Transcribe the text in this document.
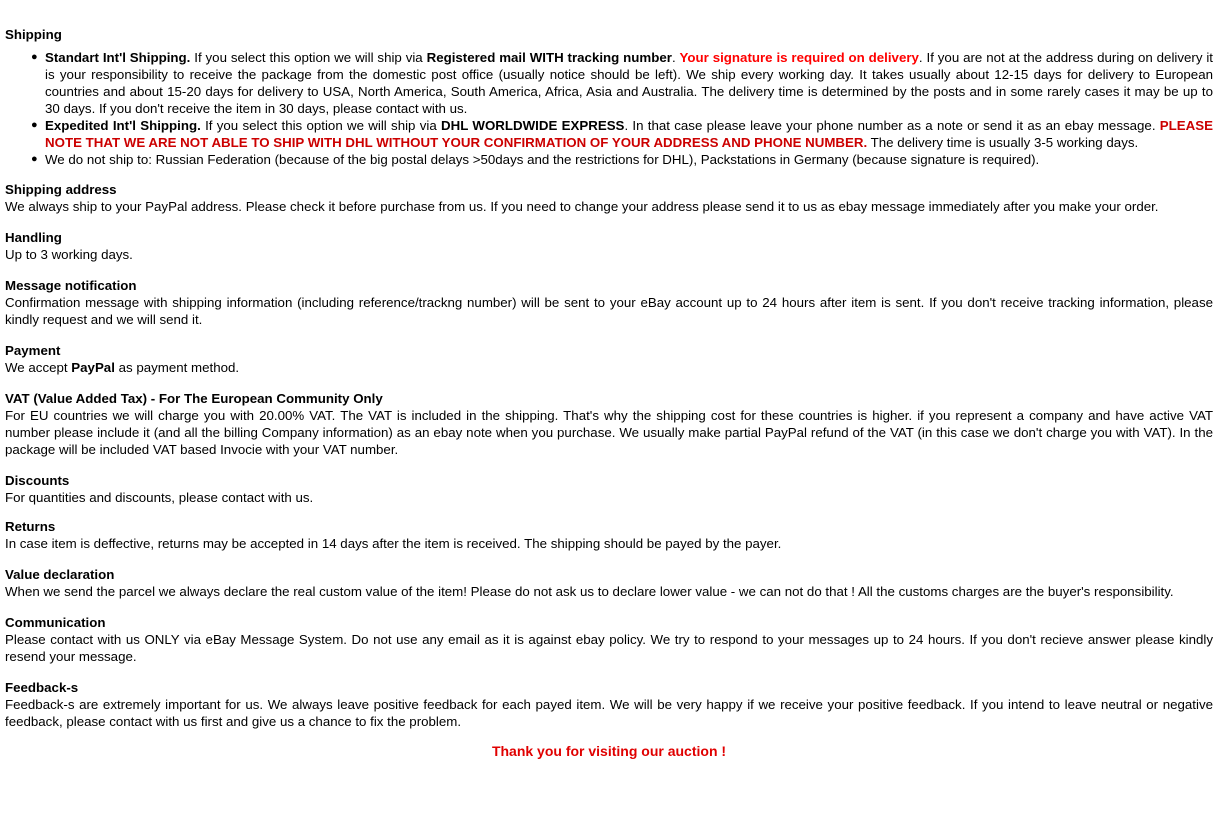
Shipping
● Standart Int'l Shipping. If you select this option we will ship via Registered mail WITH tracking number. Your signature is required on delivery. If you are not at the address during on delivery it is your responsibility to receive the package from the domestic post office (usually notice should be left). We ship every working day. It takes usually about 12-15 days for delivery to European countries and about 15-20 days for delivery to USA, North America, South America, Africa, Asia and Australia. The delivery time is determined by the posts and in some rarely cases it may be up to 30 days. If you don't receive the item in 30 days, please contact with us.
● Expedited Int'l Shipping. If you select this option we will ship via DHL WORLDWIDE EXPRESS. In that case please leave your phone number as a note or send it as an ebay message. PLEASE NOTE THAT WE ARE NOT ABLE TO SHIP WITH DHL WITHOUT YOUR CONFIRMATION OF YOUR ADDRESS AND PHONE NUMBER. The delivery time is usually 3-5 working days.
● We do not ship to: Russian Federation (because of the big postal delays >50days and the restrictions for DHL), Packstations in Germany (because signature is required).
Shipping address

We always ship to your PayPal address. Please check it before purchase from us. If you need to change your address please send it to us as ebay message immediately after you make your order.

Handling

Up to 3 working days.

Message notification

Confirmation message with shipping information (including reference/trackng number) will be sent to your eBay account up to 24 hours after item is sent. If you don't receive tracking information, please kindly request and we will send it.

Payment

We accept PayPal as payment method.

VAT (Value Added Tax) - For The European Community Only

For EU countries we will charge you with 20.00% VAT. The VAT is included in the shipping. That's why the shipping cost for these countries is higher. if you represent a company and have active VAT number please include it (and all the billing Company information) as an ebay note when you purchase. We usually make partial PayPal refund of the VAT (in this case we don't charge you with VAT). In the package will be included VAT based Invocie with your VAT number.

Discounts

For quantities and discounts, please contact with us.

Returns

In case item is deffective, returns may be accepted in 14 days after the item is received. The shipping should be payed by the payer.

Value declaration

When we send the parcel we always declare the real custom value of the item! Please do not ask us to declare lower value - we can not do that ! All the customs charges are the buyer's responsibility.

Communication

Please contact with us ONLY via eBay Message System. Do not use any email as it is against ebay policy. We try to respond to your messages up to 24 hours. If you don't recieve answer please kindly resend your message.

Feedback-s

Feedback-s are extremely important for us. We always leave positive feedback for each payed item. We will be very happy if we receive your positive feedback. If you intend to leave neutral or negative feedback, please contact with us first and give us a chance to fix the problem.

Thank you for visiting our auction !
